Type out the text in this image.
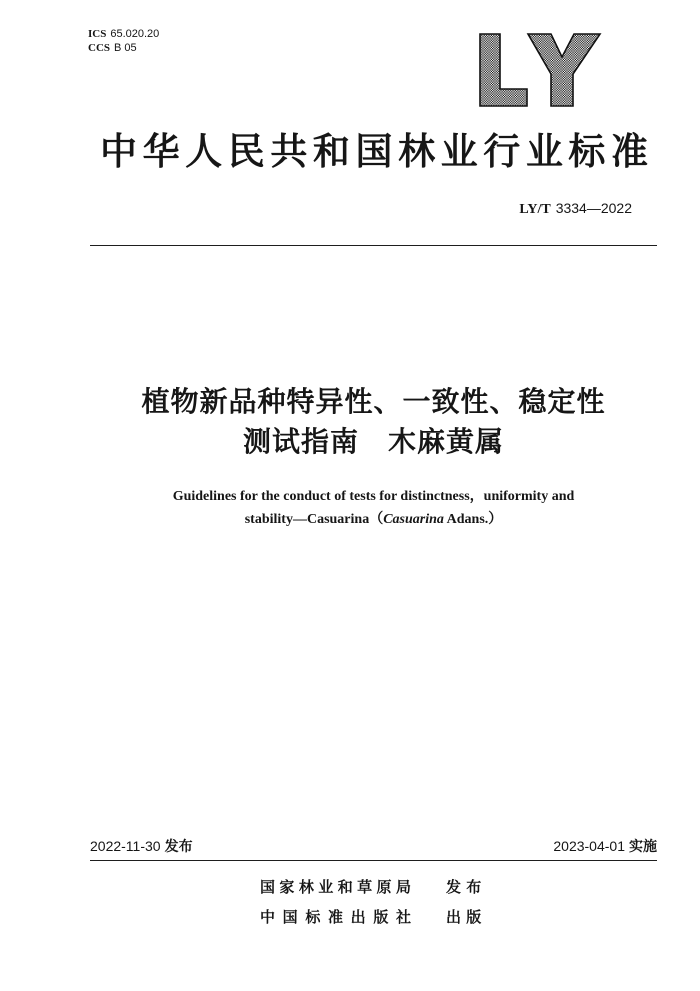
ICS 65.020.20
CCS B 05
中华人民共和国林业行业标准
LY/T 3334—2022
植物新品种特异性、一致性、稳定性
测试指南　木麻黄属
Guidelines for the conduct of tests for distinctness，uniformity and
stability—Casuarina（Casuarina Adans.）
2022-11-30 发布	2023-04-01 实施
国家林业和草原局 发 布
中国标准出版社 出 版
